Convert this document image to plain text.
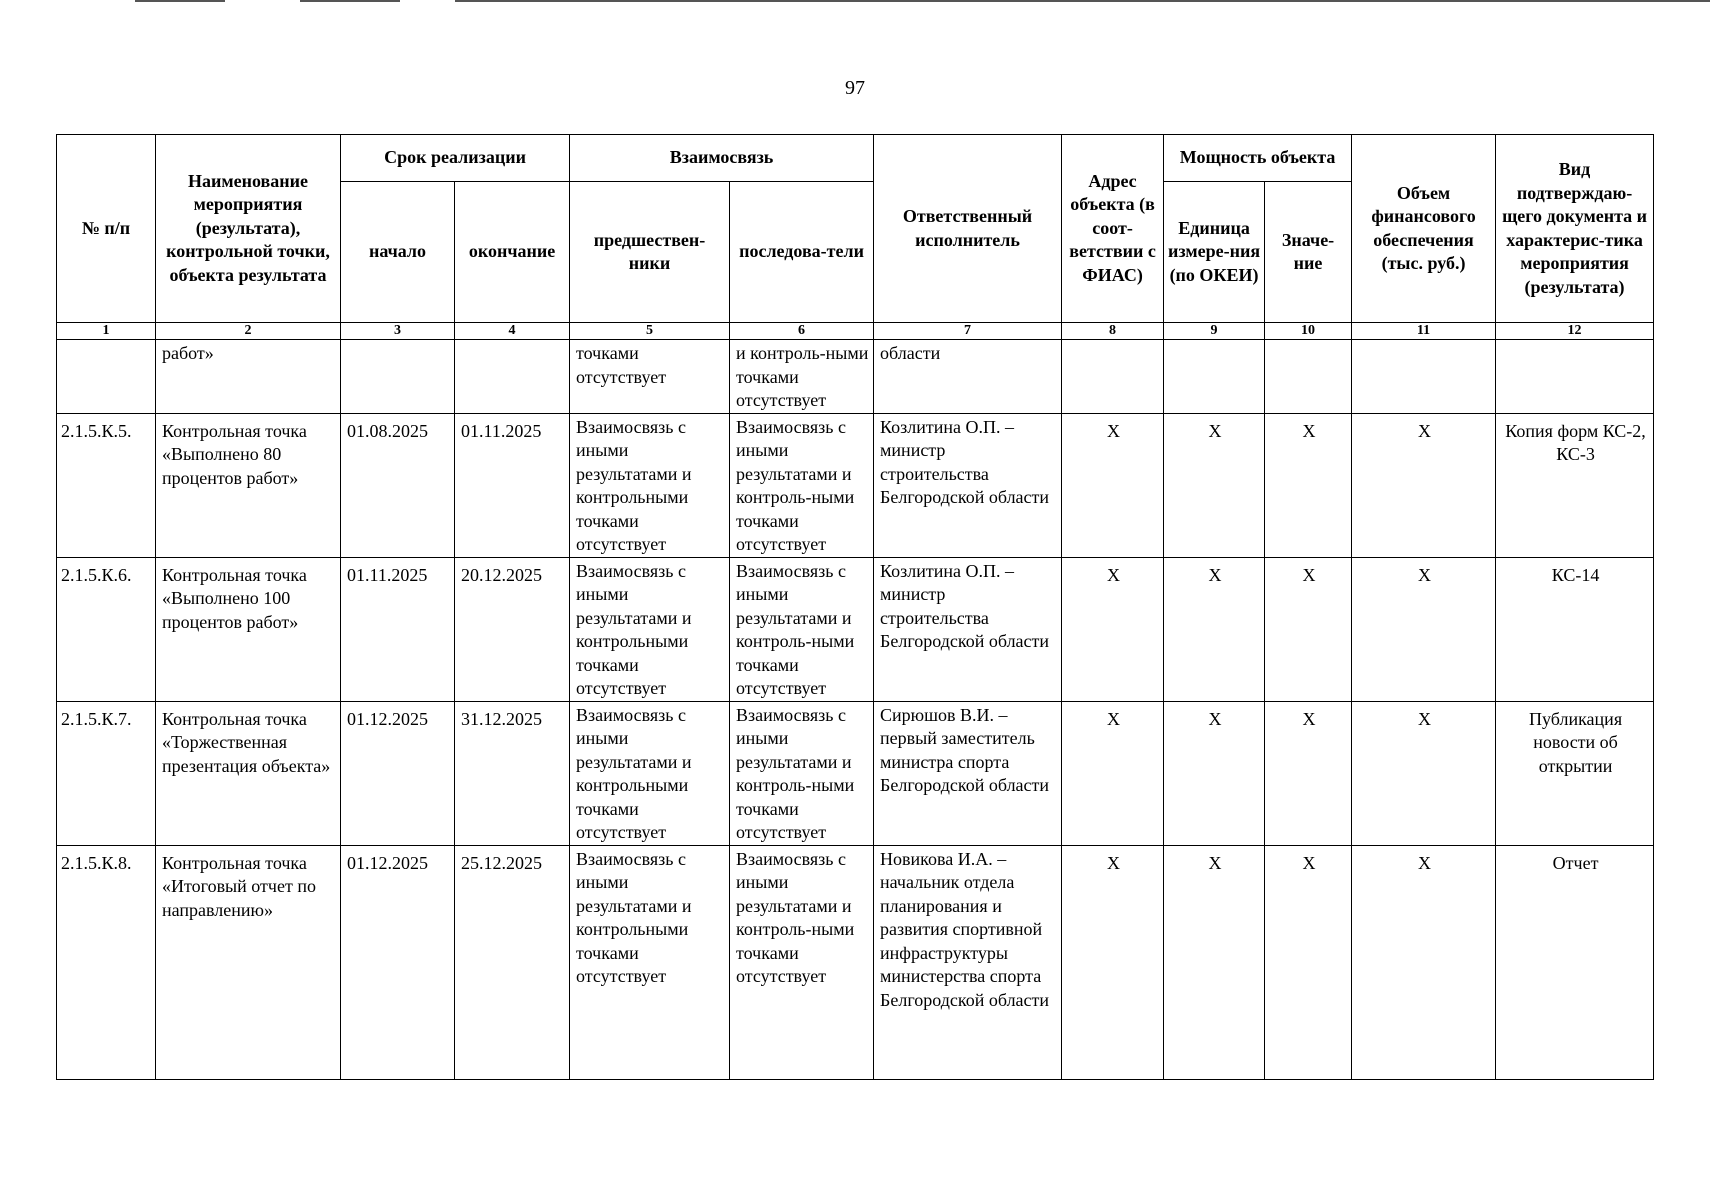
97
№ п/п	Наименование мероприятия (результата), контрольной точки, объекта результата	Срок реализации		Взаимосвязь		Ответственный исполнитель	Адрес объекта (в соот-ветствии с ФИАС)	Мощность объекта		Объем финансового обеспечения (тыс. руб.)	Вид подтверждаю-щего документа и характерис-тика мероприятия (результата)
		начало	окончание	предшествен-ники	последова-тели			Единица измере-ния (по ОКЕИ)	Значе-ние		
1	2	3	4	5	6	7	8	9	10	11	12
	работ»			точками отсутствует	и контроль-ными точками отсутствует	области					
2.1.5.К.5.	Контрольная точка «Выполнено 80 процентов работ»	01.08.2025	01.11.2025	Взаимосвязь с иными результатами и контрольными точками отсутствует	Взаимосвязь с иными результатами и контроль-ными точками отсутствует	Козлитина О.П. – министр строительства Белгородской области	X	X	X	X	Копия форм КС-2, КС-3
2.1.5.К.6.	Контрольная точка «Выполнено 100 процентов работ»	01.11.2025	20.12.2025	Взаимосвязь с иными результатами и контрольными точками отсутствует	Взаимосвязь с иными результатами и контроль-ными точками отсутствует	Козлитина О.П. – министр строительства Белгородской области	X	X	X	X	КС-14
2.1.5.К.7.	Контрольная точка «Торжественная презентация объекта»	01.12.2025	31.12.2025	Взаимосвязь с иными результатами и контрольными точками отсутствует	Взаимосвязь с иными результатами и контроль-ными точками отсутствует	Сирюшов В.И. – первый заместитель министра спорта Белгородской области	X	X	X	X	Публикация новости об открытии
2.1.5.К.8.	Контрольная точка «Итоговый отчет по направлению»	01.12.2025	25.12.2025	Взаимосвязь с иными результатами и контрольными точками отсутствует	Взаимосвязь с иными результатами и контроль-ными точками отсутствует	Новикова И.А. – начальник отдела планирования и развития спортивной инфраструктуры министерства спорта Белгородской области	X	X	X	X	Отчет
